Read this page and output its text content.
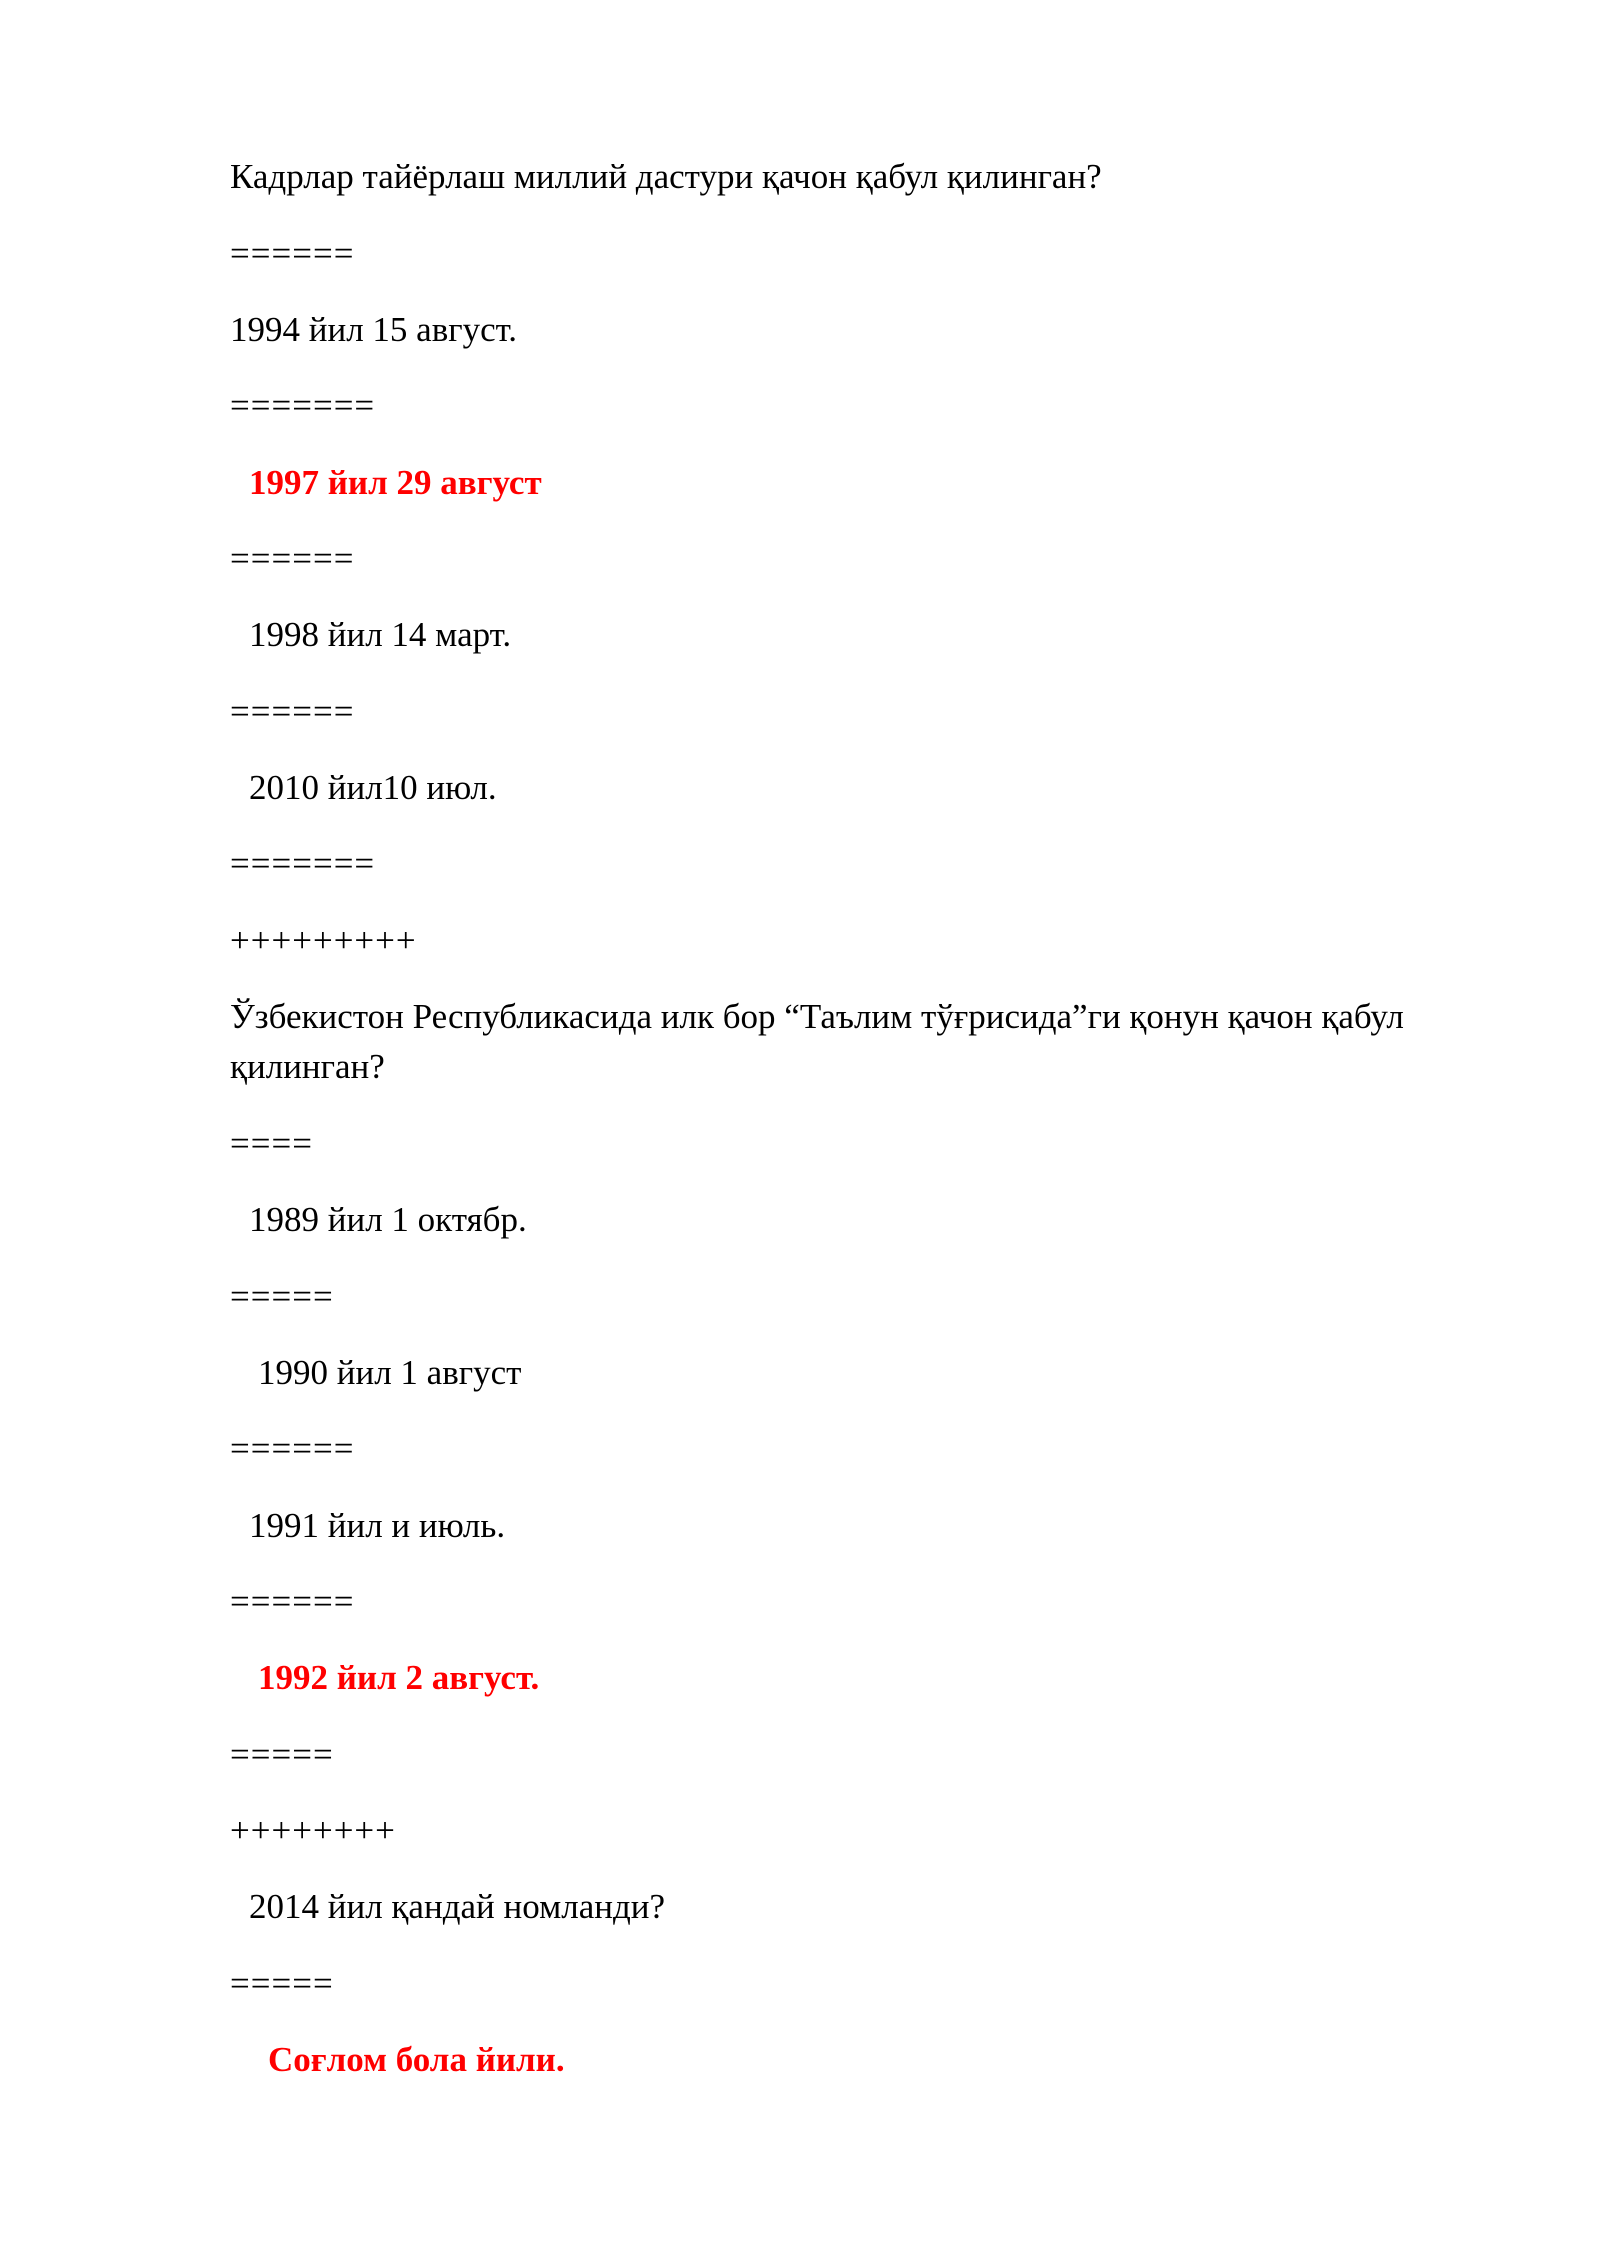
Кадрлар тайёрлаш миллий дастури қачон қабул қилинган?
======
1994 йил 15 август.
=======
1997 йил 29 август
======
1998 йил 14 март.
======
2010 йил10 июл.
=======
+++++++++
Ўзбекистон Республикасида илк бор “Таълим тўғрисида”ги қонун қачон қабул қилинган?
====
1989 йил 1 октябр.
=====
1990 йил 1 август
======
1991 йил и июль.
======
1992 йил 2 август.
=====
++++++++
2014 йил қандай номланди?
=====
Соғлом бола йили.
